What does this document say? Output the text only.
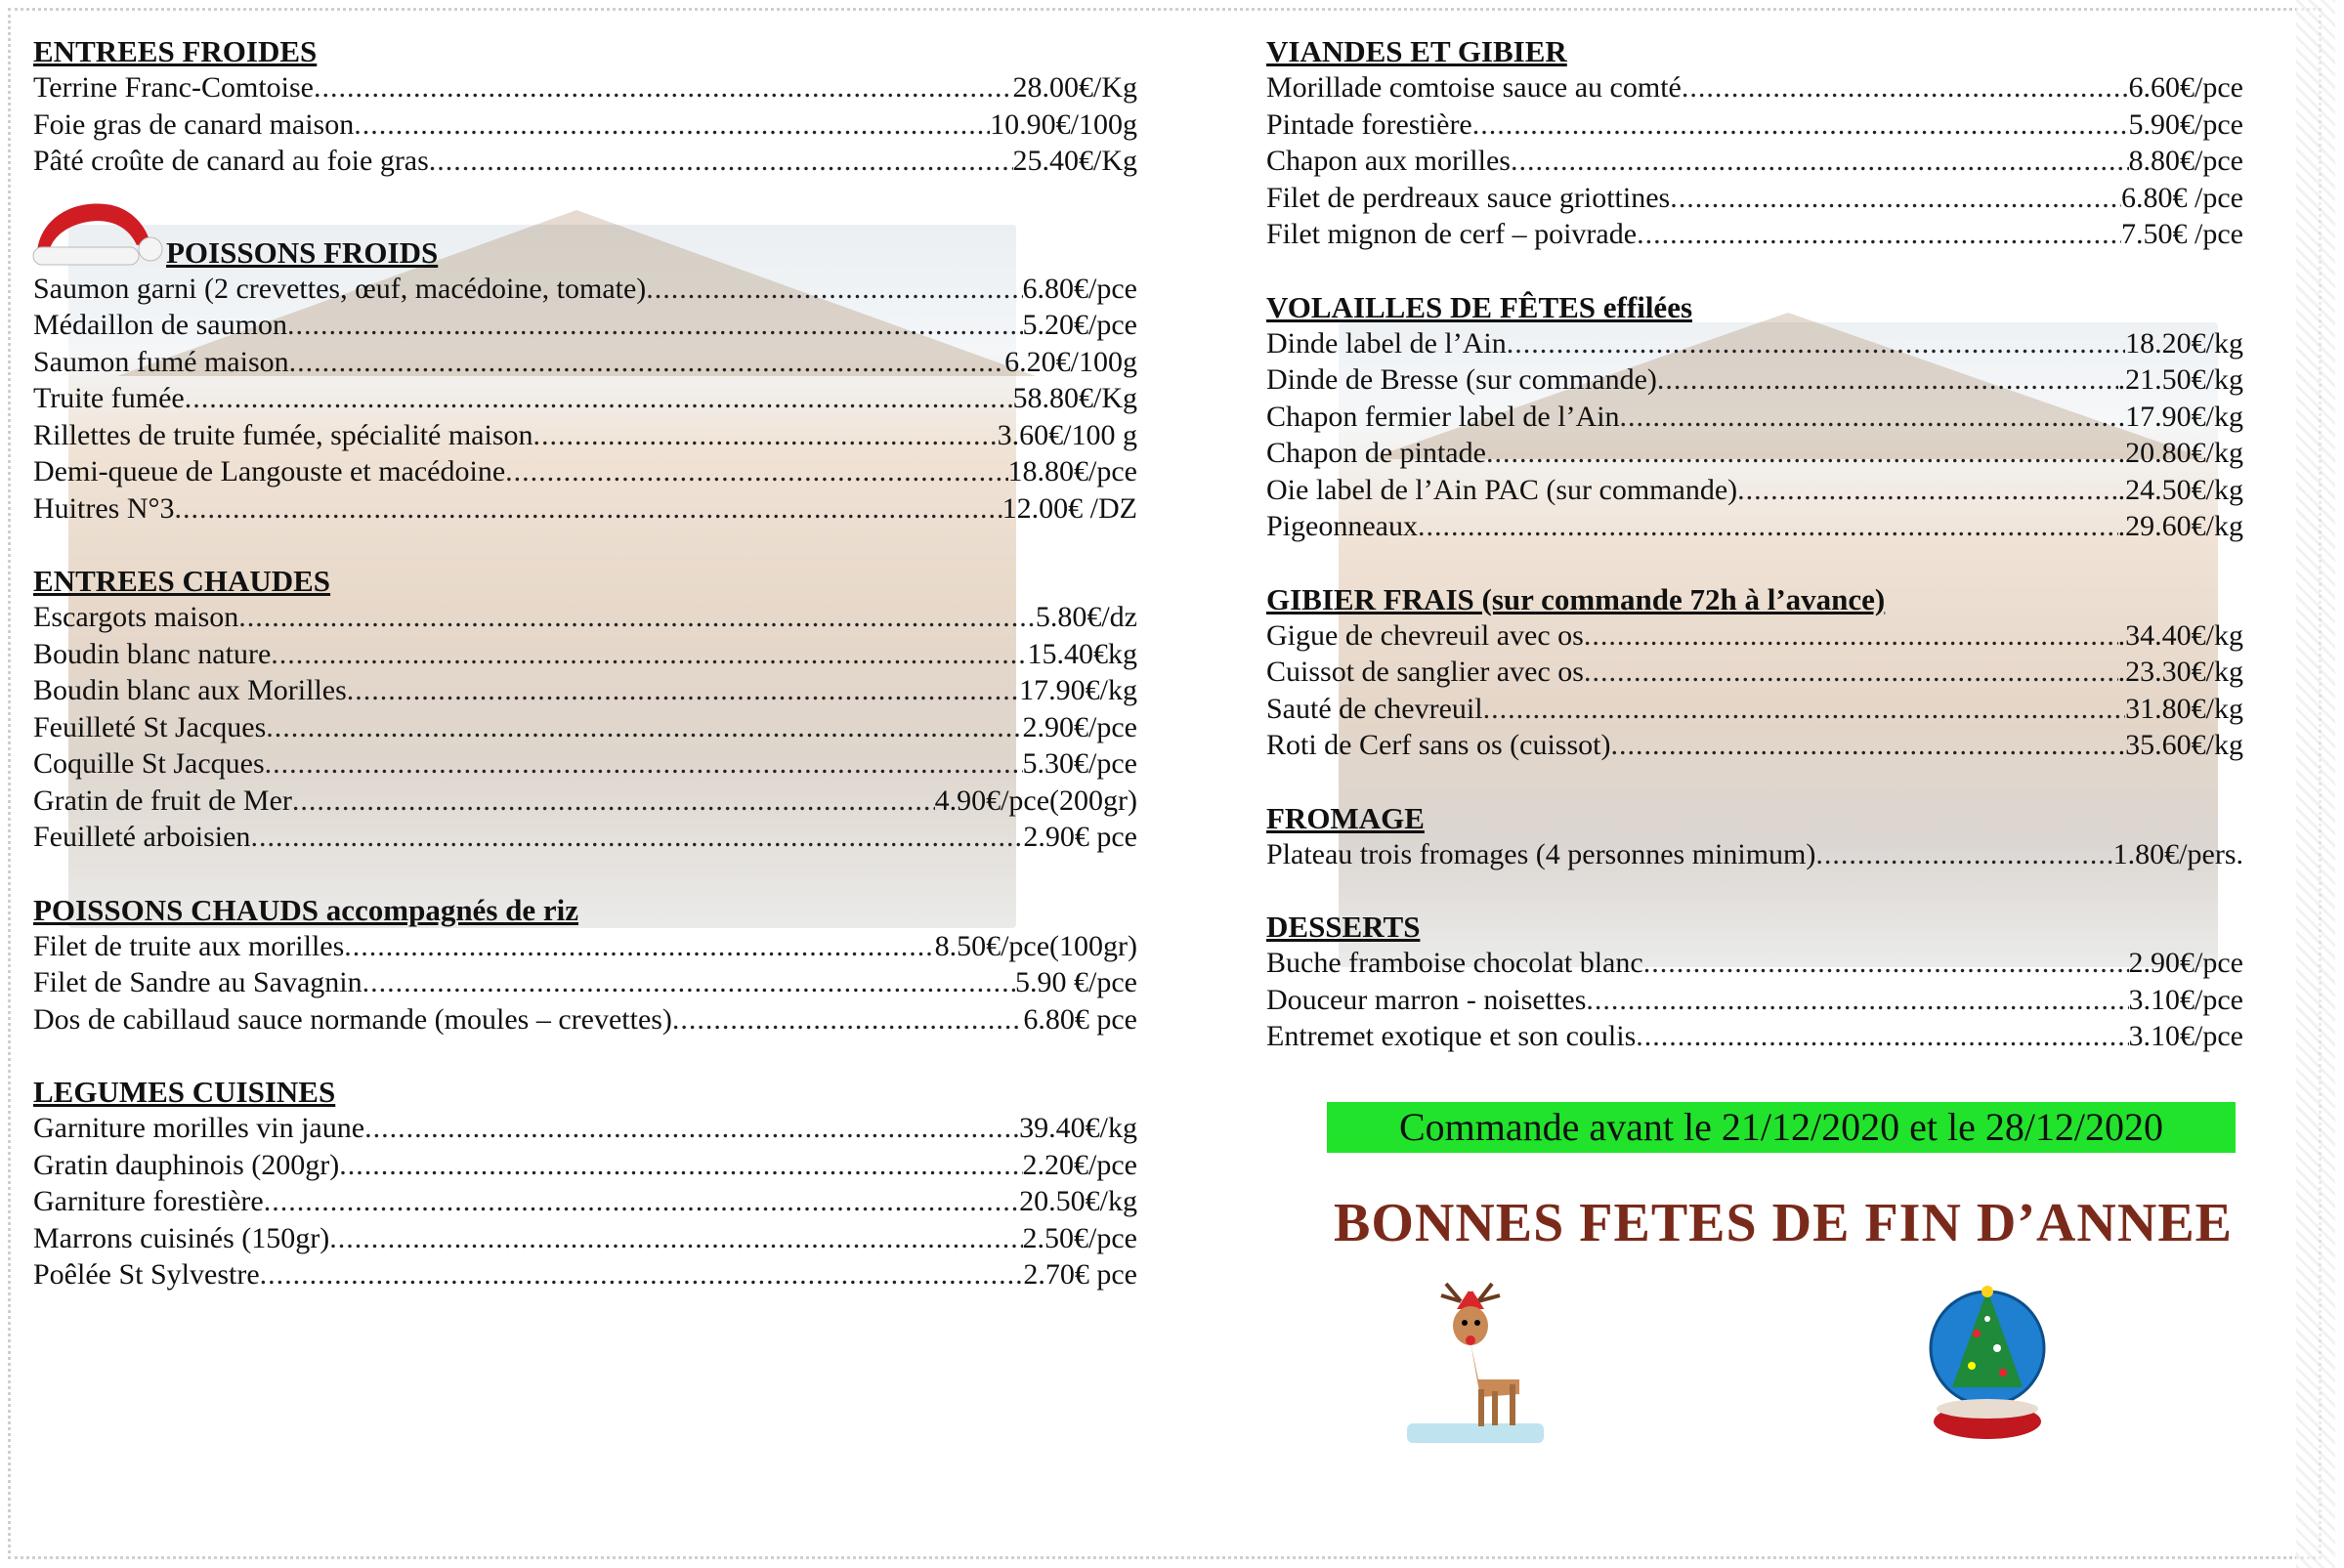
ENTREES FROIDES
Terrine Franc-Comtoise .....	28.00€/Kg
Foie gras de canard maison .....	10.90€/100g
Pâté croûte de canard au foie gras .....	25.40€/Kg
POISSONS FROIDS
Saumon garni (2 crevettes, œuf, macédoine, tomate) .....	6.80€/pce
Médaillon de saumon .....	5.20€/pce
Saumon fumé maison .....	6.20€/100g
Truite fumée .....	58.80€/Kg
Rillettes de truite fumée, spécialité maison .....	3.60€/100 g
Demi-queue de Langouste et macédoine .....	18.80€/pce
Huitres N°3 .....	12.00€ /DZ
ENTREES CHAUDES
Escargots maison .....	5.80€/dz
Boudin blanc nature .....	15.40€kg
Boudin blanc aux Morilles .....	17.90€/kg
Feuilleté St Jacques .....	2.90€/pce
Coquille St Jacques .....	5.30€/pce
Gratin de fruit de Mer .....	4.90€/pce(200gr)
Feuilleté arboisien .....	2.90€ pce
POISSONS CHAUDS accompagnés de riz
Filet de truite aux morilles .....	8.50€/pce(100gr)
Filet de Sandre au Savagnin .....	5.90 €/pce
Dos de cabillaud sauce normande (moules – crevettes) .....	6.80€ pce
LEGUMES CUISINES
Garniture morilles vin jaune .....	39.40€/kg
Gratin dauphinois (200gr) .....	2.20€/pce
Garniture forestière .....	20.50€/kg
Marrons cuisinés (150gr) .....	2.50€/pce
Poêlée St Sylvestre .....	2.70€ pce
VIANDES ET GIBIER
Morillade comtoise sauce au comté .....	6.60€/pce
Pintade forestière .....	5.90€/pce
Chapon aux morilles .....	8.80€/pce
Filet de perdreaux sauce griottines .....	6.80€ /pce
Filet mignon de cerf – poivrade .....	7.50€ /pce
VOLAILLES DE FÊTES effilées
Dinde label de l’Ain .....	18.20€/kg
Dinde de Bresse (sur commande) .....	.21.50€/kg
Chapon fermier label de l’Ain .....	.17.90€/kg
Chapon de pintade .....	.20.80€/kg
Oie label de l’Ain PAC (sur commande) .....	.24.50€/kg
Pigeonneaux .....	.29.60€/kg
GIBIER FRAIS (sur commande 72h à l’avance)
Gigue de chevreuil avec os .....	.34.40€/kg
Cuissot de sanglier avec os .....	.23.30€/kg
Sauté de chevreuil .....	31.80€/kg
Roti de Cerf sans os (cuissot) .....	.35.60€/kg
FROMAGE
Plateau trois fromages (4 personnes minimum) .....	1.80€/pers.
DESSERTS
Buche framboise chocolat blanc .....	2.90€/pce
Douceur marron - noisettes .....	3.10€/pce
Entremet exotique et son coulis .....	3.10€/pce
Commande avant le 21/12/2020 et le 28/12/2020
BONNES FETES DE FIN D’ANNEE
